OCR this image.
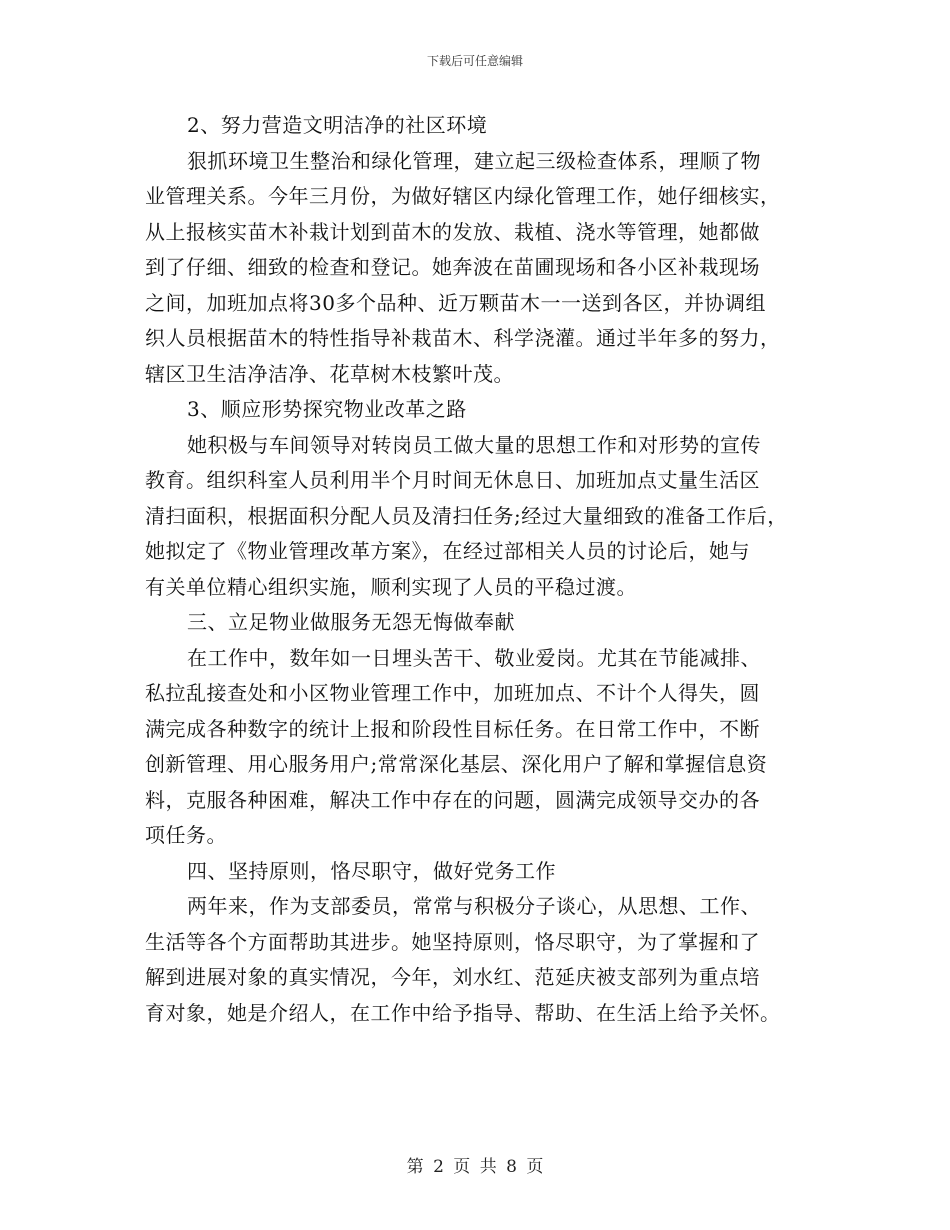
下载后可任意编辑
2、努力营造文明洁净的社区环境
狠抓环境卫生整治和绿化管理，建立起三级检查体系，理顺了物
业管理关系。今年三月份，为做好辖区内绿化管理工作，她仔细核实，
从上报核实苗木补栽计划到苗木的发放、栽植、浇水等管理，她都做
到了仔细、细致的检查和登记。她奔波在苗圃现场和各小区补栽现场
之间，加班加点将30多个品种、近万颗苗木一一送到各区，并协调组
织人员根据苗木的特性指导补栽苗木、科学浇灌。通过半年多的努力，
辖区卫生洁净洁净、花草树木枝繁叶茂。
3、顺应形势探究物业改革之路
她积极与车间领导对转岗员工做大量的思想工作和对形势的宣传
教育。组织科室人员利用半个月时间无休息日、加班加点丈量生活区
清扫面积，根据面积分配人员及清扫任务;经过大量细致的准备工作后，
她拟定了《物业管理改革方案》，在经过部相关人员的讨论后，她与
有关单位精心组织实施，顺利实现了人员的平稳过渡。
三、立足物业做服务无怨无悔做奉献
在工作中，数年如一日埋头苦干、敬业爱岗。尤其在节能减排、
私拉乱接查处和小区物业管理工作中，加班加点、不计个人得失，圆
满完成各种数字的统计上报和阶段性目标任务。在日常工作中，不断
创新管理、用心服务用户;常常深化基层、深化用户了解和掌握信息资
料，克服各种困难，解决工作中存在的问题，圆满完成领导交办的各
项任务。
四、坚持原则，恪尽职守，做好党务工作
两年来，作为支部委员，常常与积极分子谈心，从思想、工作、
生活等各个方面帮助其进步。她坚持原则，恪尽职守，为了掌握和了
解到进展对象的真实情况，今年，刘水红、范延庆被支部列为重点培
育对象，她是介绍人，在工作中给予指导、帮助、在生活上给予关怀。
第 2 页 共 8 页
